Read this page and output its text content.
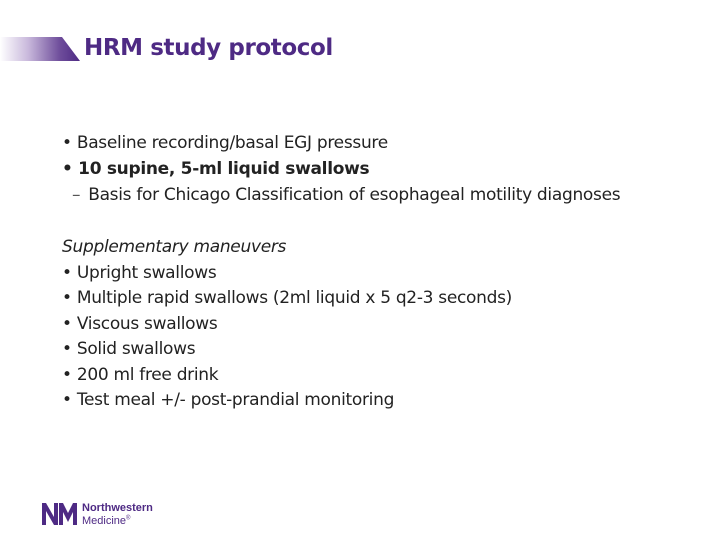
HRM study protocol
• Baseline recording/basal EGJ pressure
• 10 supine, 5-ml liquid swallows
– Basis for Chicago Classification of esophageal motility diagnoses
Supplementary maneuvers
• Upright swallows
• Multiple rapid swallows (2ml liquid x 5 q2-3 seconds)
• Viscous swallows
• Solid swallows
• 200 ml free drink
• Test meal +/- post-prandial monitoring
Northwestern
Medicine®
